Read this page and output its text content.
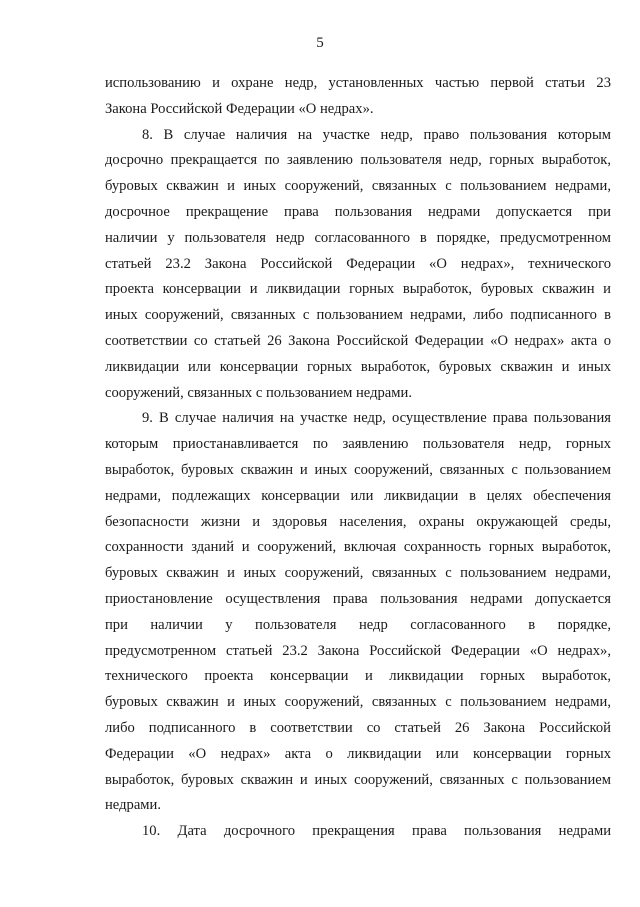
5
использованию и охране недр, установленных частью первой статьи 23
Закона Российской Федерации «О недрах».
8. В случае наличия на участке недр, право пользования которым
досрочно прекращается по заявлению пользователя недр, горных выработок,
буровых скважин и иных сооружений, связанных с пользованием недрами,
досрочное прекращение права пользования недрами допускается при
наличии у пользователя недр согласованного в порядке, предусмотренном
статьей 23.2 Закона Российской Федерации «О недрах», технического
проекта консервации и ликвидации горных выработок, буровых скважин и
иных сооружений, связанных с пользованием недрами, либо подписанного в
соответствии со статьей 26 Закона Российской Федерации «О недрах» акта о
ликвидации или консервации горных выработок, буровых скважин и иных
сооружений, связанных с пользованием недрами.
9. В случае наличия на участке недр, осуществление права пользования
которым приостанавливается по заявлению пользователя недр, горных
выработок, буровых скважин и иных сооружений, связанных с пользованием
недрами, подлежащих консервации или ликвидации в целях обеспечения
безопасности жизни и здоровья населения, охраны окружающей среды,
сохранности зданий и сооружений, включая сохранность горных выработок,
буровых скважин и иных сооружений, связанных с пользованием недрами,
приостановление осуществления права пользования недрами допускается
при наличии у пользователя недр согласованного в порядке,
предусмотренном статьей 23.2 Закона Российской Федерации «О недрах»,
технического проекта консервации и ликвидации горных выработок,
буровых скважин и иных сооружений, связанных с пользованием недрами,
либо подписанного в соответствии со статьей 26 Закона Российской
Федерации «О недрах» акта о ликвидации или консервации горных
выработок, буровых скважин и иных сооружений, связанных с пользованием
недрами.
10. Дата досрочного прекращения права пользования недрами
